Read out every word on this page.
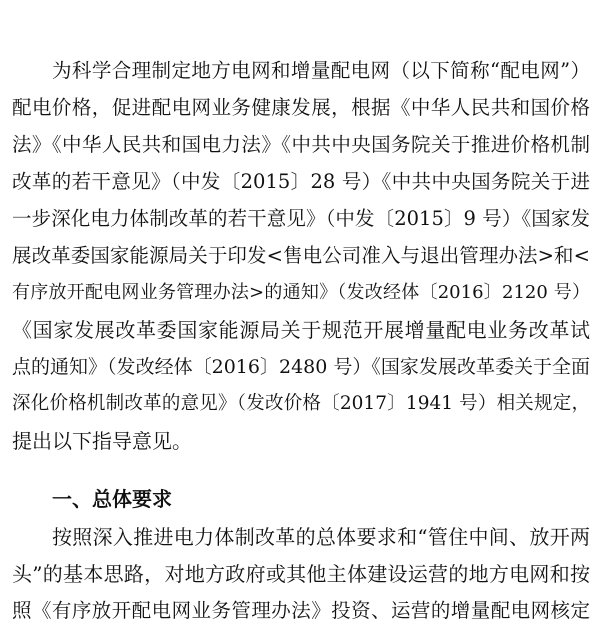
为科学合理制定地方电网和增量配电网（以下简称“配电网”）
配电价格，促进配电网业务健康发展，根据《中华人民共和国价格
法》《中华人民共和国电力法》《中共中央国务院关于推进价格机制
改革的若干意见》（中发〔2015〕28 号）《中共中央国务院关于进
一步深化电力体制改革的若干意见》（中发〔2015〕9 号）《国家发
展改革委国家能源局关于印发<售电公司准入与退出管理办法>和<
有序放开配电网业务管理办法>的通知》（发改经体〔2016〕2120 号）
《国家发展改革委国家能源局关于规范开展增量配电业务改革试
点的通知》（发改经体〔2016〕2480 号）《国家发展改革委关于全面
深化价格机制改革的意见》（发改价格〔2017〕1941 号）相关规定，
提出以下指导意见。
一、总体要求
按照深入推进电力体制改革的总体要求和“管住中间、放开两
头”的基本思路，对地方政府或其他主体建设运营的地方电网和按
照《有序放开配电网业务管理办法》投资、运营的增量配电网核定
